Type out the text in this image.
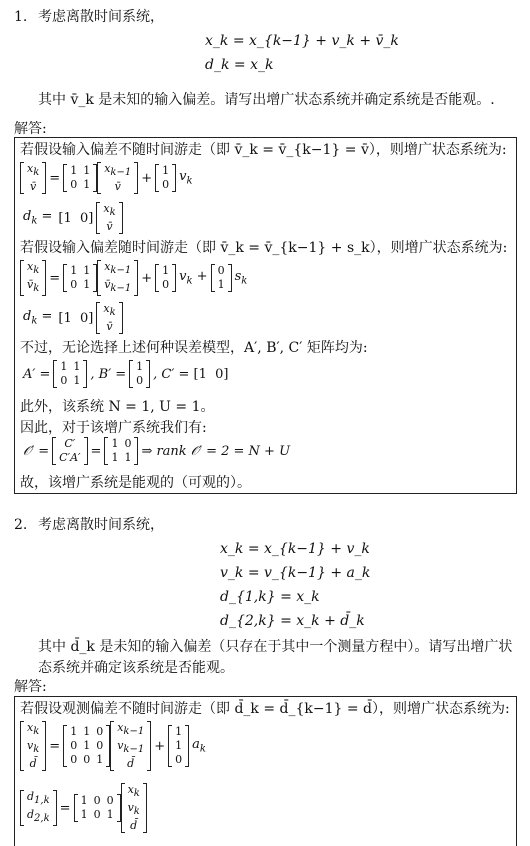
1. 考虑离散时间系统，
x_k = x_{k−1} + v_k + v̄_k
d_k = x_k
其中 v̄_k 是未知的输入偏差。请写出增广状态系统并确定系统是否能观。.
解答:
若假设输入偏差不随时间游走（即 v̄_k = v̄_{k−1} = v̄），则增广状态系统为:
$x_k$
v̄
= 1	1
0	1
$x_{k-1}$
v̄
+ 1
0
$v_k$
$d_k = [1$  0]
$x_k$
v̄
若假设输入偏差随时间游走（即 v̄_k = v̄_{k−1} + s_k），则增广状态系统为:
$x_k$
$v̄_k$
= 1	1
0	1
$x_{k-1}$
$v̄_{k-1}$
+ 1
0
$v_k + 0$
1
$s_k$
$d_k = [1$  0]
$x_k$
v̄
不过，无论选择上述何种误差模型，A′, B′, C′ 矩阵均为:
A′ = 1	1
0	1 , B′ = 1
0 , C′ = [1  0]
此外，该系统 N = 1, U = 1。
因此，对于该增广系统我们有:
𝒪′ = C′
C′A′ = 1	0
1	1 ⇒ rank 𝒪′ = 2 = N + U
故，该增广系统是能观的（可观的）。
2. 考虑离散时间系统，
x_k = x_{k−1} + v_k
v_k = v_{k−1} + a_k
d_{1,k} = x_k
d_{2,k} = x_k + d̄_k
其中 d̄_k 是未知的输入偏差（只存在于其中一个测量方程中）。请写出增广状
态系统并确定该系统是否能观。
解答:
若假设观测偏差不随时间游走（即 d̄_k = d̄_{k−1} = d̄），则增广状态系统为:
$x_k$
$v_k$
d̄
=
1	1	0
0	1	0
0	0	1
$x_{k-1}$
$v_{k-1}$
d̄
+
1
1
0
$a_k$
$d_{1,k}$
$d_{2,k}$
= 1	0	0
1	0	1
$x_k$
$v_k$
d̄
